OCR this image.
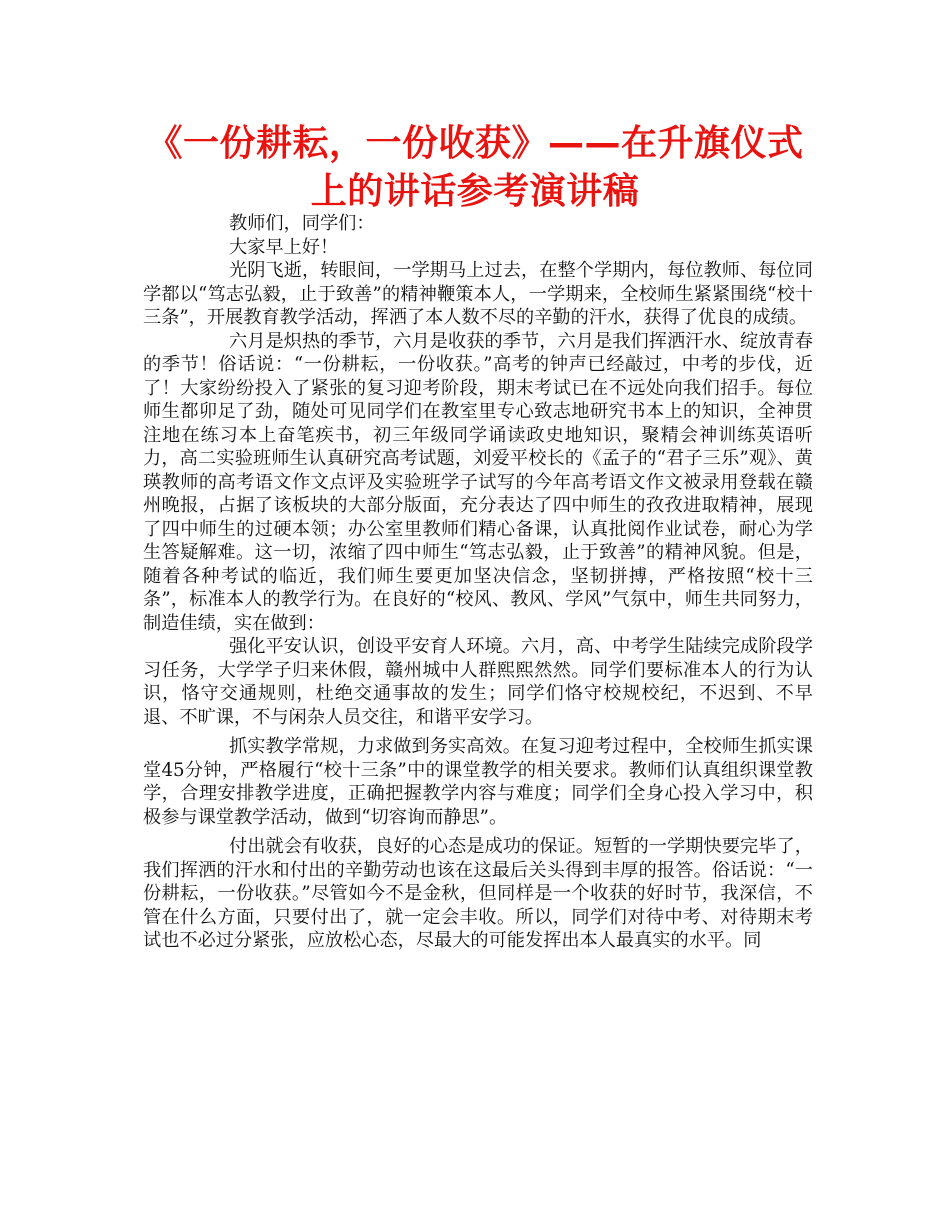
《一份耕耘，一份收获》——在升旗仪式上的讲话参考演讲稿

教师们，同学们：

大家早上好！

光阴飞逝，转眼间，一学期马上过去，在整个学期内，每位教师、每位同学都以“笃志弘毅，止于致善”的精神鞭策本人，一学期来，全校师生紧紧围绕“校十三条”，开展教育教学活动，挥洒了本人数不尽的辛勤的汗水，获得了优良的成绩。

六月是炽热的季节，六月是收获的季节，六月是我们挥洒汗水、绽放青春的季节！俗话说：“一份耕耘，一份收获。”高考的钟声已经敲过，中考的步伐，近了！大家纷纷投入了紧张的复习迎考阶段，期末考试已在不远处向我们招手。每位师生都卯足了劲，随处可见同学们在教室里专心致志地研究书本上的知识，全神贯注地在练习本上奋笔疾书，初三年级同学诵读政史地知识，聚精会神训练英语听力，高二实验班师生认真研究高考试题，刘爱平校长的《孟子的“君子三乐”观》、黄瑛教师的高考语文作文点评及实验班学子试写的今年高考语文作文被录用登载在赣州晚报，占据了该板块的大部分版面，充分表达了四中师生的孜孜进取精神，展现了四中师生的过硬本领；办公室里教师们精心备课，认真批阅作业试卷，耐心为学生答疑解难。这一切，浓缩了四中师生“笃志弘毅，止于致善”的精神风貌。但是，随着各种考试的临近，我们师生要更加坚决信念，坚韧拼搏，严格按照“校十三条”，标准本人的教学行为。在良好的“校风、教风、学风”气氛中，师生共同努力，制造佳绩，实在做到：

强化平安认识，创设平安育人环境。六月，高、中考学生陆续完成阶段学习任务，大学学子归来休假，赣州城中人群熙熙然然。同学们要标准本人的行为认识，恪守交通规则，杜绝交通事故的发生；同学们恪守校规校纪，不迟到、不早退、不旷课，不与闲杂人员交往，和谐平安学习。

抓实教学常规，力求做到务实高效。在复习迎考过程中，全校师生抓实课堂45分钟，严格履行“校十三条”中的课堂教学的相关要求。教师们认真组织课堂教学，合理安排教学进度，正确把握教学内容与难度；同学们全身心投入学习中，积极参与课堂教学活动，做到“切容询而静思”。

付出就会有收获，良好的心态是成功的保证。短暂的一学期快要完毕了，我们挥洒的汗水和付出的辛勤劳动也该在这最后关头得到丰厚的报答。俗话说：“一份耕耘，一份收获。”尽管如今不是金秋，但同样是一个收获的好时节，我深信，不管在什么方面，只要付出了，就一定会丰收。所以，同学们对待中考、对待期末考试也不必过分紧张，应放松心态，尽最大的可能发挥出本人最真实的水平。同
